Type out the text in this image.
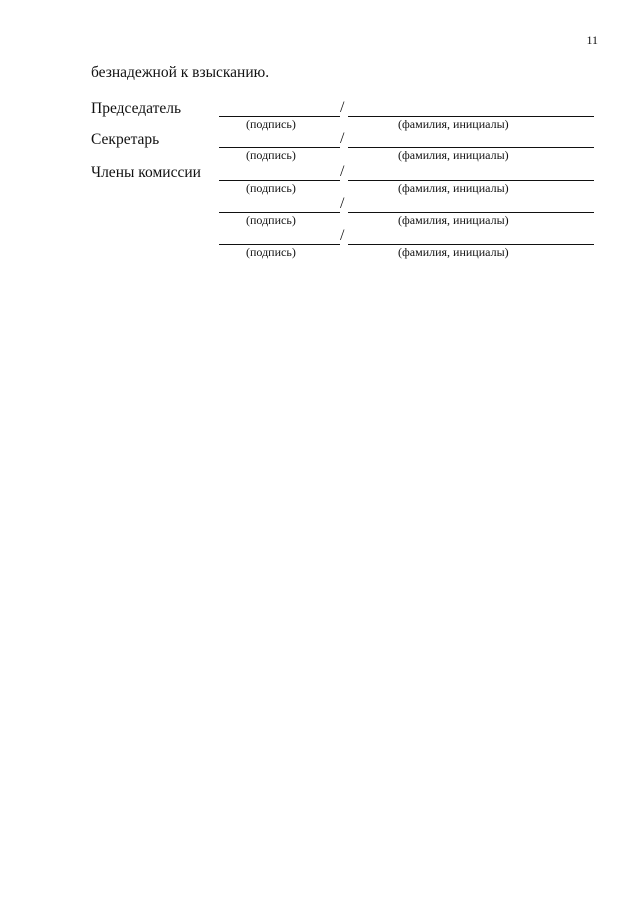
11
безнадежной к взысканию.
Председатель	/
(подпись)	(фамилия, инициалы)
Секретарь	/
(подпись)	(фамилия, инициалы)
Члены комиссии	/
(подпись)	(фамилия, инициалы)
/
(подпись)	(фамилия, инициалы)
/
(подпись)	(фамилия, инициалы)
